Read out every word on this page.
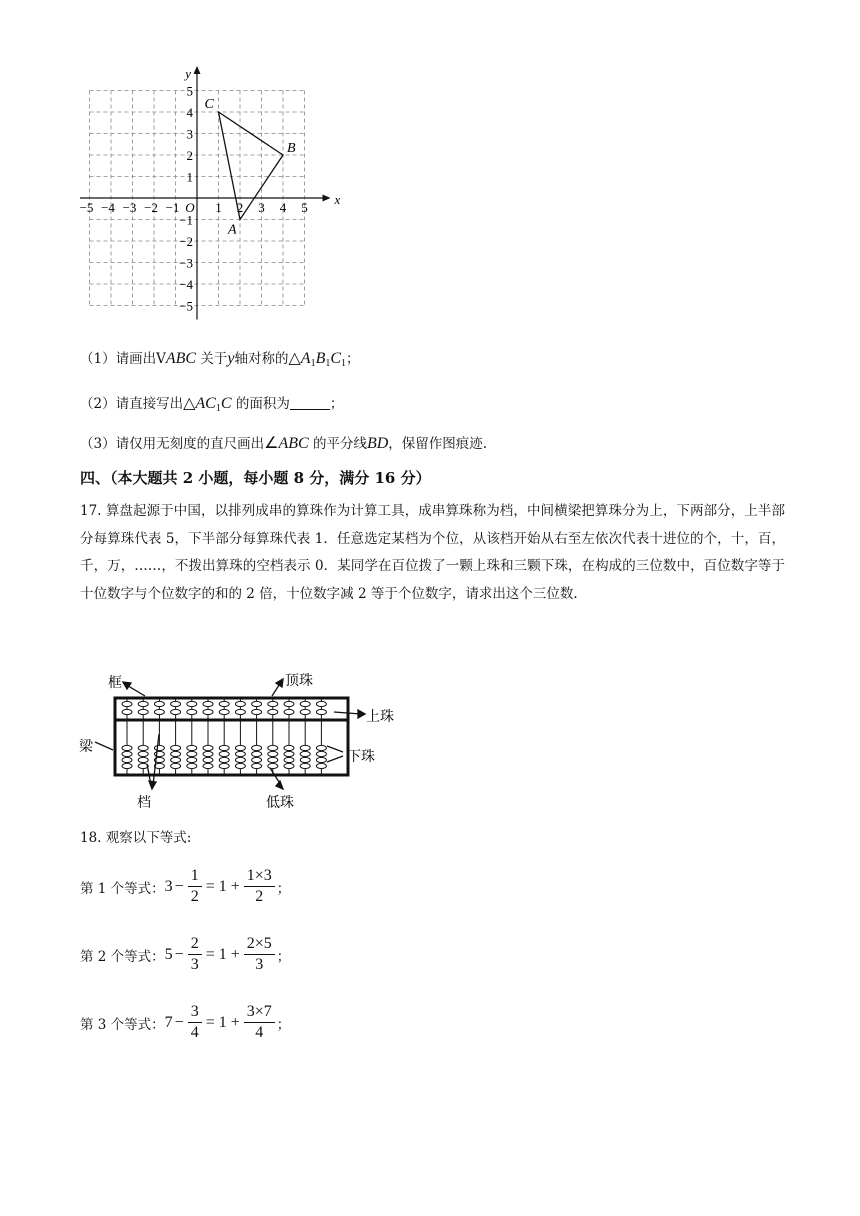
y
x
O
−5 −4 −3 −2 −1	1 2 3 4 5
5
4
3
2
1
−1
−2
−3
−4
−5
A
B
C
（1）请画出VABC 关于y轴对称的$\triangle A_1B_1C_1$；
（2）请直接写出$\triangle AC_1C$ 的面积为	；
（3）请仅用无刻度的直尺画出∠ABC 的平分线BD，保留作图痕迹.
四、（本大题共 2 小题，每小题 8 分，满分 16 分）
17. 算盘起源于中国，以排列成串的算珠作为计算工具，成串算珠称为档，中间横梁把算珠分为上，下两部分，上半部分每算珠代表 5，下半部分每算珠代表 1．任意选定某档为个位，从该档开始从右至左依次代表十进位的个，十，百，千，万，……，不拨出算珠的空档表示 0．某同学在百位拨了一颗上珠和三颗下珠，在构成的三位数中，百位数字等于十位数字与个位数字的和的 2 倍，十位数字减 2 等于个位数字，请求出这个三位数.
框	顶珠
上珠
梁
下珠
档	低珠
18. 观察以下等式:
第 1 个等式： $3 - \frac{1}{2} = 1 + \frac{1\times 3}{2}$ ；
第 2 个等式： $5 - \frac{2}{3} = 1 + \frac{2\times 5}{3}$ ；
第 3 个等式： $7 - \frac{3}{4} = 1 + \frac{3\times 7}{4}$ ；
